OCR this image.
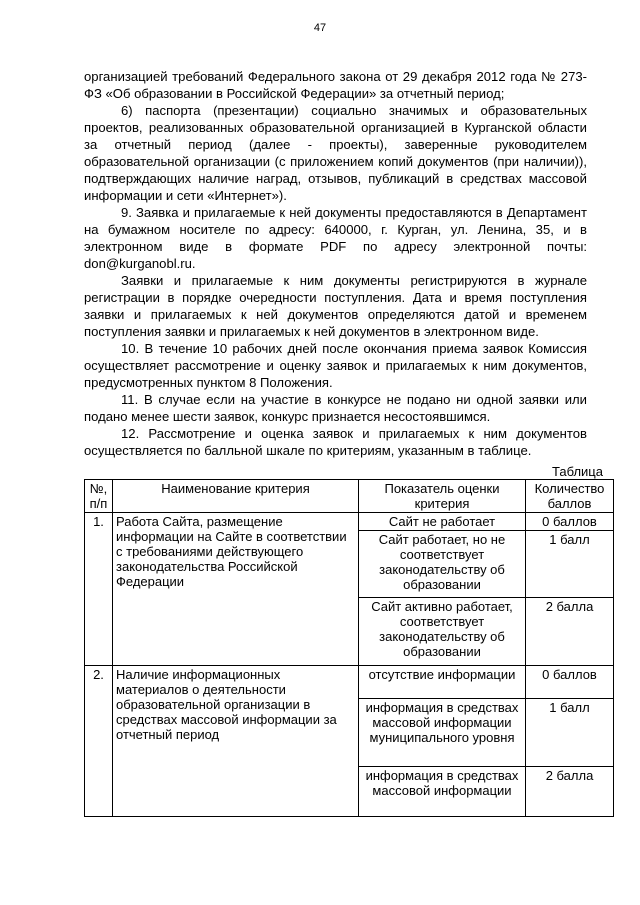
47

организацией требований Федерального закона от 29 декабря 2012 года № 273-ФЗ «Об образовании в Российской Федерации» за отчетный период;

6) паспорта (презентации) социально значимых и образовательных проектов, реализованных образовательной организацией в Курганской области за отчетный период (далее - проекты), заверенные руководителем образовательной организации (с приложением копий документов (при наличии)), подтверждающих наличие наград, отзывов, публикаций в средствах массовой информации и сети «Интернет»).

9. Заявка и прилагаемые к ней документы предоставляются в Департамент на бумажном носителе по адресу: 640000, г. Курган, ул. Ленина, 35, и в электронном виде в формате PDF по адресу электронной почты: don@kurganobl.ru.

Заявки и прилагаемые к ним документы регистрируются в журнале регистрации в порядке очередности поступления. Дата и время поступления заявки и прилагаемых к ней документов определяются датой и временем поступления заявки и прилагаемых к ней документов в электронном виде.

10. В течение 10 рабочих дней после окончания приема заявок Комиссия осуществляет рассмотрение и оценку заявок и прилагаемых к ним документов, предусмотренных пунктом 8 Положения.

11. В случае если на участие в конкурсе не подано ни одной заявки или подано менее шести заявок, конкурс признается несостоявшимся.

12. Рассмотрение и оценка заявок и прилагаемых к ним документов осуществляется по балльной шкале по критериям, указанным в таблице.

Таблица
№, п/п	Наименование критерия	Показатель оценки критерия	Количество баллов
1.	Работа Сайта, размещение информации на Сайте в соответствии с требованиями действующего законодательства Российской Федерации	Сайт не работает	0 баллов
		Сайт работает, но не соответствует законодательству об образовании	1 балл
		Сайт активно работает, соответствует законодательству об образовании	2 балла
2.	Наличие информационных материалов о деятельности образовательной организации в средствах массовой информации за отчетный период	отсутствие информации	0 баллов
		информация в средствах массовой информации муниципального уровня	1 балл
		информация в средствах массовой информации	2 балла
